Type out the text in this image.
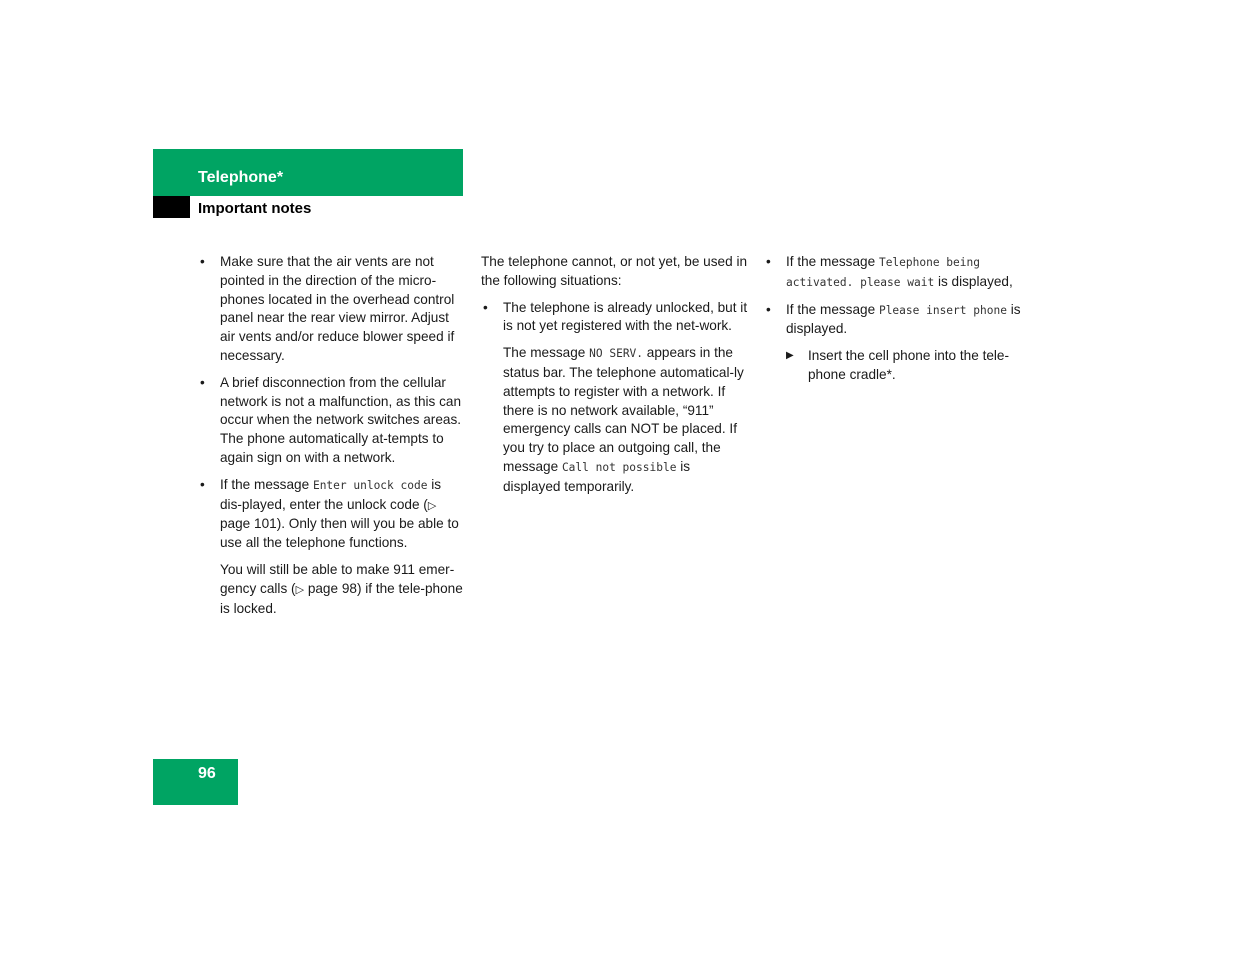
Telephone*
Important notes
• Make sure that the air vents are not pointed in the direction of the micro-phones located in the overhead control panel near the rear view mirror. Adjust air vents and/or reduce blower speed if necessary.
• A brief disconnection from the cellular network is not a malfunction, as this can occur when the network switches areas. The phone automatically at-tempts to again sign on with a network.
• If the message Enter unlock code is dis-played, enter the unlock code (▷ page 101). Only then will you be able to use all the telephone functions.
You will still be able to make 911 emer-gency calls (▷ page 98) if the tele-phone is locked.
The telephone cannot, or not yet, be used in the following situations:
• The telephone is already unlocked, but it is not yet registered with the net-work.
The message NO SERV. appears in the status bar. The telephone automatical-ly attempts to register with a network. If there is no network available, “911” emergency calls can NOT be placed. If you try to place an outgoing call, the message Call not possible is displayed temporarily.
• If the message Telephone being activated. please wait is displayed,
• If the message Please insert phone is displayed.
▶ Insert the cell phone into the tele-phone cradle*.
96
